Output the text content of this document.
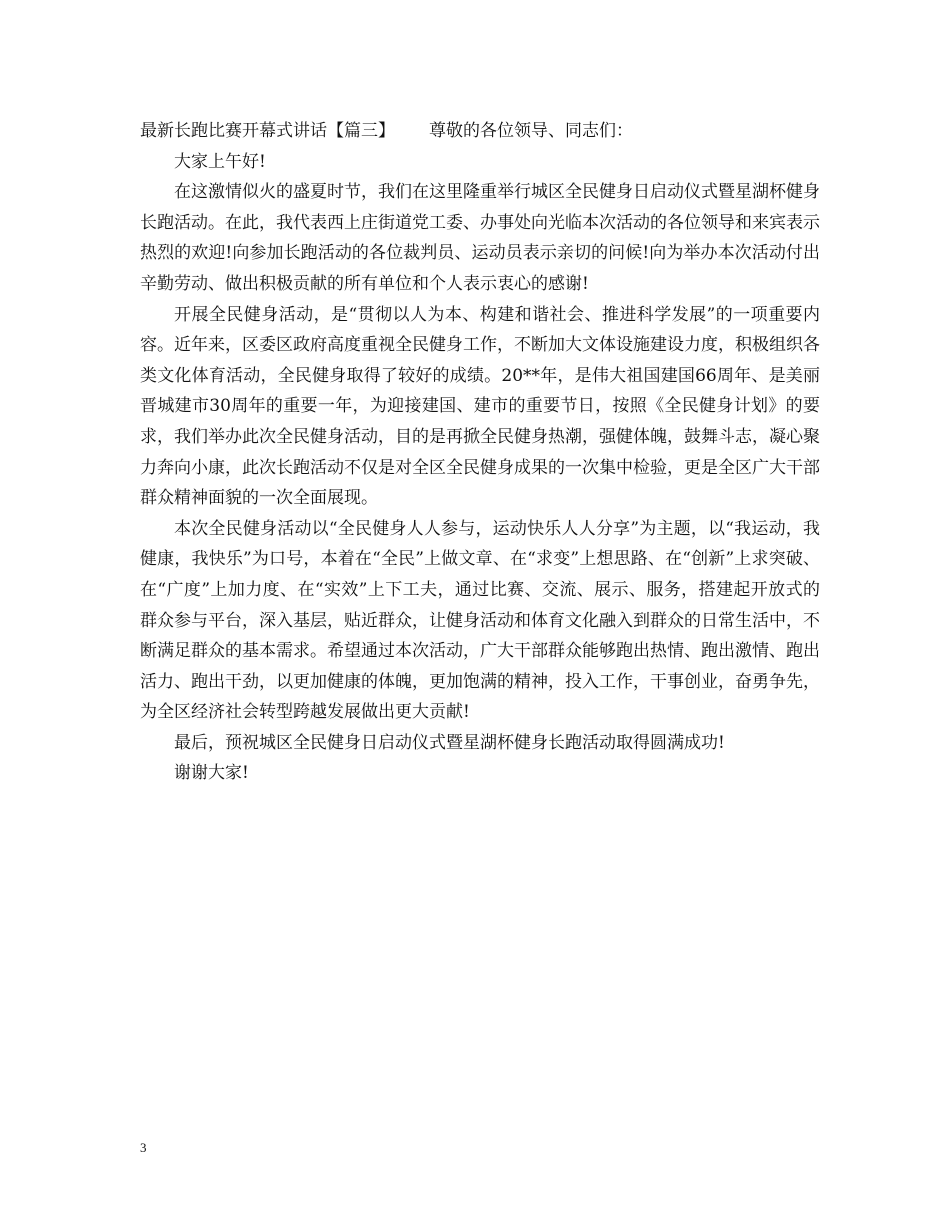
最新长跑比赛开幕式讲话【篇三】 尊敬的各位领导、同志们：

大家上午好!

在这激情似火的盛夏时节，我们在这里隆重举行城区全民健身日启动仪式暨星湖杯健身长跑活动。在此，我代表西上庄街道党工委、办事处向光临本次活动的各位领导和来宾表示热烈的欢迎!向参加长跑活动的各位裁判员、运动员表示亲切的问候!向为举办本次活动付出辛勤劳动、做出积极贡献的所有单位和个人表示衷心的感谢!

开展全民健身活动，是“贯彻以人为本、构建和谐社会、推进科学发展”的一项重要内容。近年来，区委区政府高度重视全民健身工作，不断加大文体设施建设力度，积极组织各类文化体育活动，全民健身取得了较好的成绩。20**年，是伟大祖国建国66周年、是美丽晋城建市30周年的重要一年，为迎接建国、建市的重要节日，按照《全民健身计划》的要求，我们举办此次全民健身活动，目的是再掀全民健身热潮，强健体魄，鼓舞斗志，凝心聚力奔向小康，此次长跑活动不仅是对全区全民健身成果的一次集中检验，更是全区广大干部群众精神面貌的一次全面展现。

本次全民健身活动以“全民健身人人参与，运动快乐人人分享”为主题，以“我运动，我健康，我快乐”为口号，本着在“全民”上做文章、在“求变”上想思路、在“创新”上求突破、在“广度”上加力度、在“实效”上下工夫，通过比赛、交流、展示、服务，搭建起开放式的群众参与平台，深入基层，贴近群众，让健身活动和体育文化融入到群众的日常生活中，不断满足群众的基本需求。希望通过本次活动，广大干部群众能够跑出热情、跑出激情、跑出活力、跑出干劲，以更加健康的体魄，更加饱满的精神，投入工作，干事创业，奋勇争先，为全区经济社会转型跨越发展做出更大贡献!

最后，预祝城区全民健身日启动仪式暨星湖杯健身长跑活动取得圆满成功!

谢谢大家!

3
